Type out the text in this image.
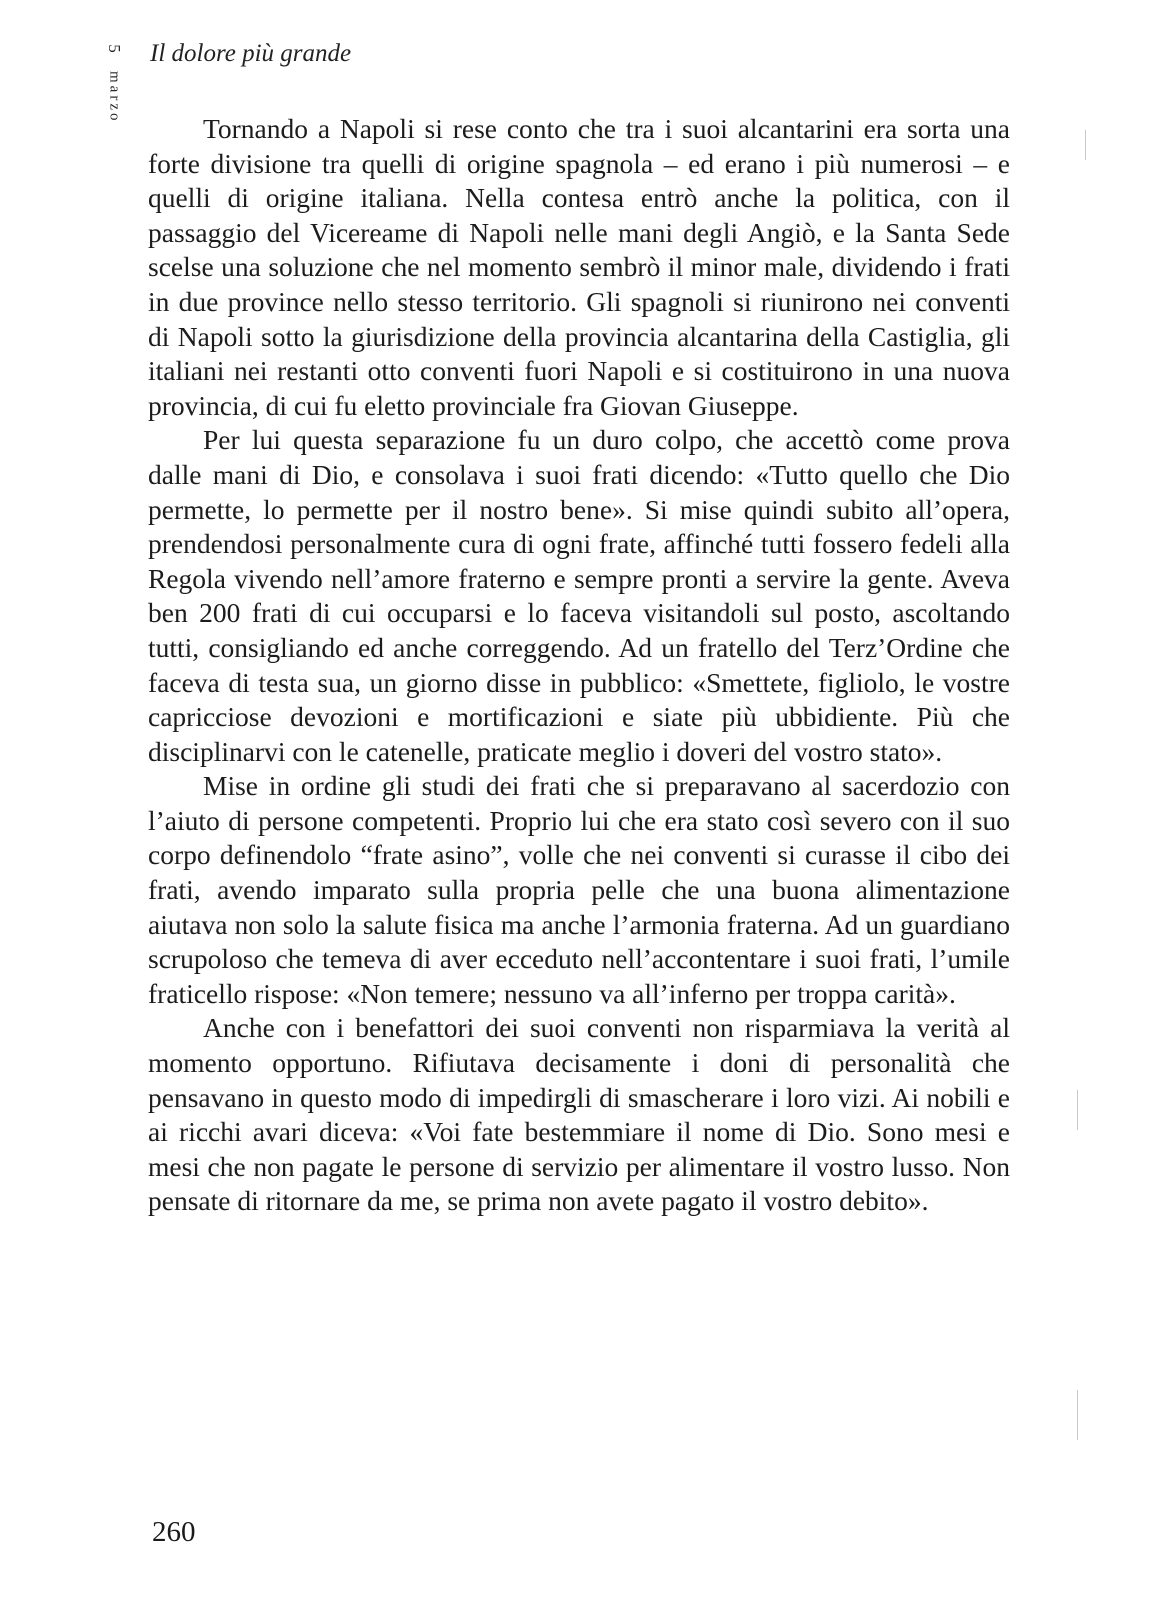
5
marzo
Il dolore più grande

Tornando a Napoli si rese conto che tra i suoi alcantarini era sorta una forte divisione tra quelli di origine spagnola – ed erano i più numerosi – e quelli di origine italiana. Nella contesa entrò anche la politica, con il passaggio del Vicereame di Napoli nelle mani degli Angiò, e la Santa Sede scelse una soluzione che nel momento sembrò il minor male, dividendo i frati in due province nello stesso territorio. Gli spagnoli si riunirono nei conventi di Napoli sotto la giurisdizione della provincia alcantarina della Castiglia, gli italiani nei restanti otto conventi fuori Napoli e si costituirono in una nuova provincia, di cui fu eletto provinciale fra Giovan Giuseppe.

Per lui questa separazione fu un duro colpo, che accettò come prova dalle mani di Dio, e consolava i suoi frati dicendo: «Tutto quello che Dio permette, lo permette per il nostro bene». Si mise quindi subito all’opera, prendendosi personalmente cura di ogni frate, affinché tutti fossero fedeli alla Regola vivendo nell’amore fraterno e sempre pronti a servire la gente. Aveva ben 200 frati di cui occuparsi e lo faceva visitandoli sul posto, ascoltando tutti, consigliando ed anche correggendo. Ad un fratello del Terz’Ordine che faceva di testa sua, un giorno disse in pubblico: «Smettete, figliolo, le vostre capricciose devozioni e mortificazioni e siate più ubbidiente. Più che disciplinarvi con le catenelle, praticate meglio i doveri del vostro stato».

Mise in ordine gli studi dei frati che si preparavano al sacerdozio con l’aiuto di persone competenti. Proprio lui che era stato così severo con il suo corpo definendolo “frate asino”, volle che nei conventi si curasse il cibo dei frati, avendo imparato sulla propria pelle che una buona alimentazione aiutava non solo la salute fisica ma anche l’armonia fraterna. Ad un guardiano scrupoloso che temeva di aver ecceduto nell’accontentare i suoi frati, l’umile fraticello rispose: «Non temere; nessuno va all’inferno per troppa carità».

Anche con i benefattori dei suoi conventi non risparmiava la verità al momento opportuno. Rifiutava decisamente i doni di personalità che pensavano in questo modo di impedirgli di smascherare i loro vizi. Ai nobili e ai ricchi avari diceva: «Voi fate bestemmiare il nome di Dio. Sono mesi e mesi che non pagate le persone di servizio per alimentare il vostro lusso. Non pensate di ritornare da me, se prima non avete pagato il vostro debito».

260
